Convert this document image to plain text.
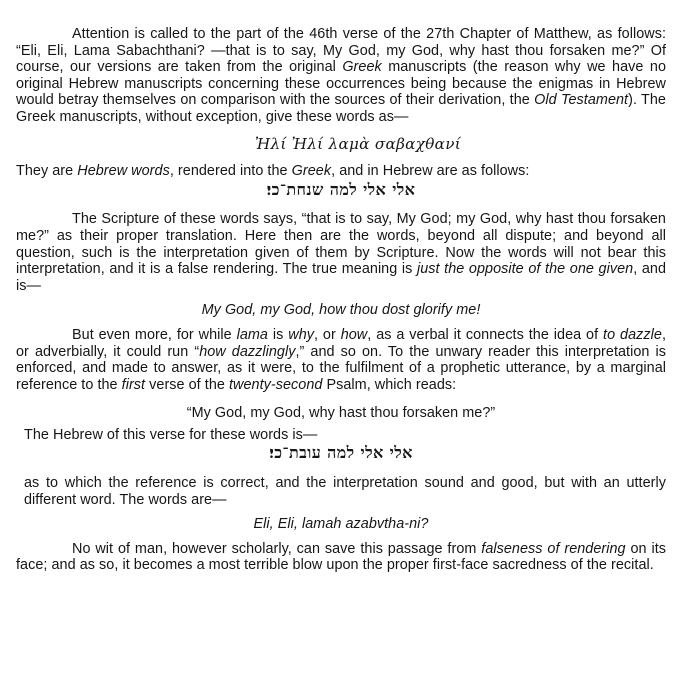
Attention is called to the part of the 46th verse of the 27th Chapter of Matthew, as follows: “Eli, Eli, Lama Sabachthani? —that is to say, My God, my God, why hast thou forsaken me?” Of course, our versions are taken from the original Greek manuscripts (the reason why we have no original Hebrew manuscripts concerning these occurrences being because the enigmas in Hebrew would betray themselves on comparison with the sources of their derivation, the Old Testament). The Greek manuscripts, without exception, give these words as—

Ἠλί Ἠλί λαμὰ σαβαχθανί

They are Hebrew words, rendered into the Greek, and in Hebrew are as follows:

אלי אלי למה שנחת־כי׃

The Scripture of these words says, “that is to say, My God; my God, why hast thou forsaken me?” as their proper translation. Here then are the words, beyond all dispute; and beyond all question, such is the interpretation given of them by Scripture. Now the words will not bear this interpretation, and it is a false rendering. The true meaning is just the opposite of the one given, and is—

My God, my God, how thou dost glorify me!

But even more, for while lama is why, or how, as a verbal it connects the idea of to dazzle, or adverbially, it could run “how dazzlingly,” and so on. To the unwary reader this interpretation is enforced, and made to answer, as it were, to the fulfilment of a prophetic utterance, by a marginal reference to the first verse of the twenty-second Psalm, which reads:

“My God, my God, why hast thou forsaken me?”

The Hebrew of this verse for these words is—

אלי אלי למה עובת־כי׃

as to which the reference is correct, and the interpretation sound and good, but with an utterly different word. The words are—

Eli, Eli, lamah azabvtha-ni?

No wit of man, however scholarly, can save this passage from falseness of rendering on its face; and as so, it becomes a most terrible blow upon the proper first-face sacredness of the recital.
